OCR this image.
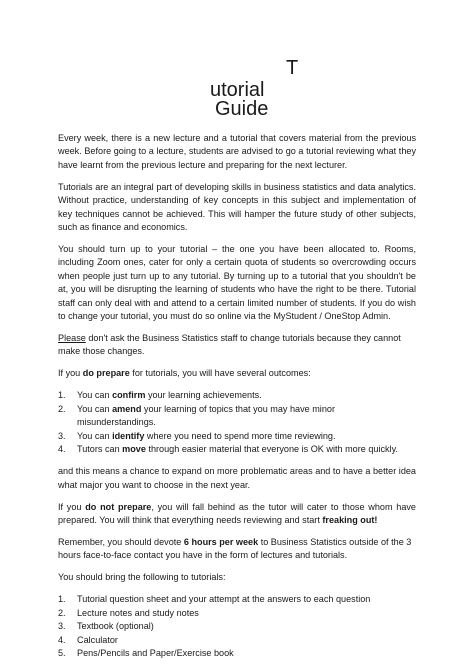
T
utorial
Guide

Every week, there is a new lecture and a tutorial that covers material from the previous week. Before going to a lecture, students are advised to go a tutorial reviewing what they have learnt from the previous lecture and preparing for the next lecturer.

Tutorials are an integral part of developing skills in business statistics and data analytics. Without practice, understanding of key concepts in this subject and implementation of key techniques cannot be achieved. This will hamper the future study of other subjects, such as finance and economics.

You should turn up to your tutorial – the one you have been allocated to. Rooms, including Zoom ones, cater for only a certain quota of students so overcrowding occurs when people just turn up to any tutorial. By turning up to a tutorial that you shouldn't be at, you will be disrupting the learning of students who have the right to be there. Tutorial staff can only deal with and attend to a certain limited number of students. If you do wish to change your tutorial, you must do so online via the MyStudent / OneStop Admin.

Please don't ask the Business Statistics staff to change tutorials because they cannot make those changes.

If you do prepare for tutorials, you will have several outcomes:

1. You can confirm your learning achievements.
2. You can amend your learning of topics that you may have minor misunderstandings.
3. You can identify where you need to spend more time reviewing.
4. Tutors can move through easier material that everyone is OK with more quickly.

and this means a chance to expand on more problematic areas and to have a better idea what major you want to choose in the next year.

If you do not prepare, you will fall behind as the tutor will cater to those whom have prepared. You will think that everything needs reviewing and start freaking out!

Remember, you should devote 6 hours per week to Business Statistics outside of the 3 hours face-to-face contact you have in the form of lectures and tutorials.

You should bring the following to tutorials:

1. Tutorial question sheet and your attempt at the answers to each question
2. Lecture notes and study notes
3. Textbook (optional)
4. Calculator
5. Pens/Pencils and Paper/Exercise book
